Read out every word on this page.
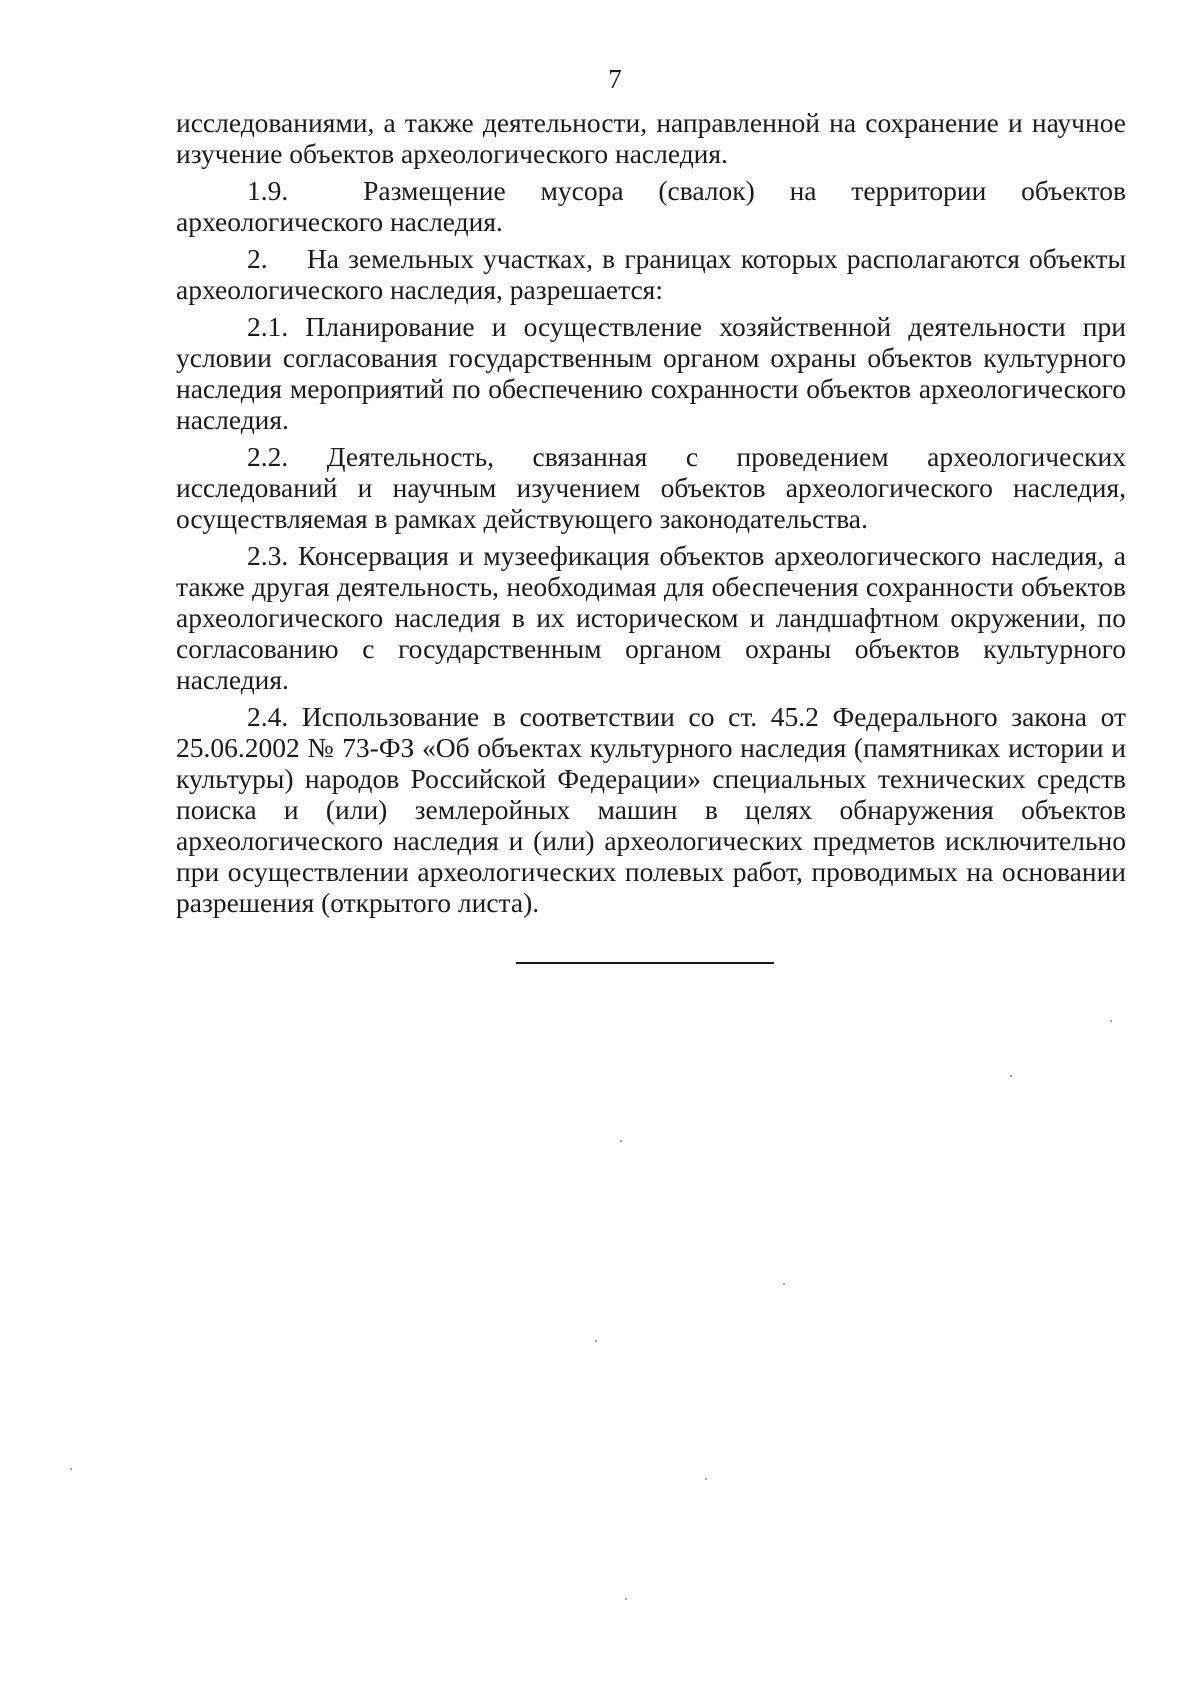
7

исследованиями, а также деятельности, направленной на сохранение и научное изучение объектов археологического наследия.

1.9.	Размещение мусора (свалок) на территории объектов археологического наследия.

2. На земельных участках, в границах которых располагаются объекты археологического наследия, разрешается:

2.1. Планирование и осуществление хозяйственной деятельности при условии согласования государственным органом охраны объектов культурного наследия мероприятий по обеспечению сохранности объектов археологического наследия.

2.2. Деятельность, связанная с проведением археологических исследований и научным изучением объектов археологического наследия, осуществляемая в рамках действующего законодательства.

2.3. Консервация и музеефикация объектов археологического наследия, а также другая деятельность, необходимая для обеспечения сохранности объектов археологического наследия в их историческом и ландшафтном окружении, по согласованию с государственным органом охраны объектов культурного наследия.

2.4. Использование в соответствии со ст. 45.2 Федерального закона от 25.06.2002 № 73-ФЗ «Об объектах культурного наследия (памятниках истории и культуры) народов Российской Федерации» специальных технических средств поиска и (или) землеройных машин в целях обнаружения объектов археологического наследия и (или) археологических предметов исключительно при осуществлении археологических полевых работ, проводимых на основании разрешения (открытого листа).
